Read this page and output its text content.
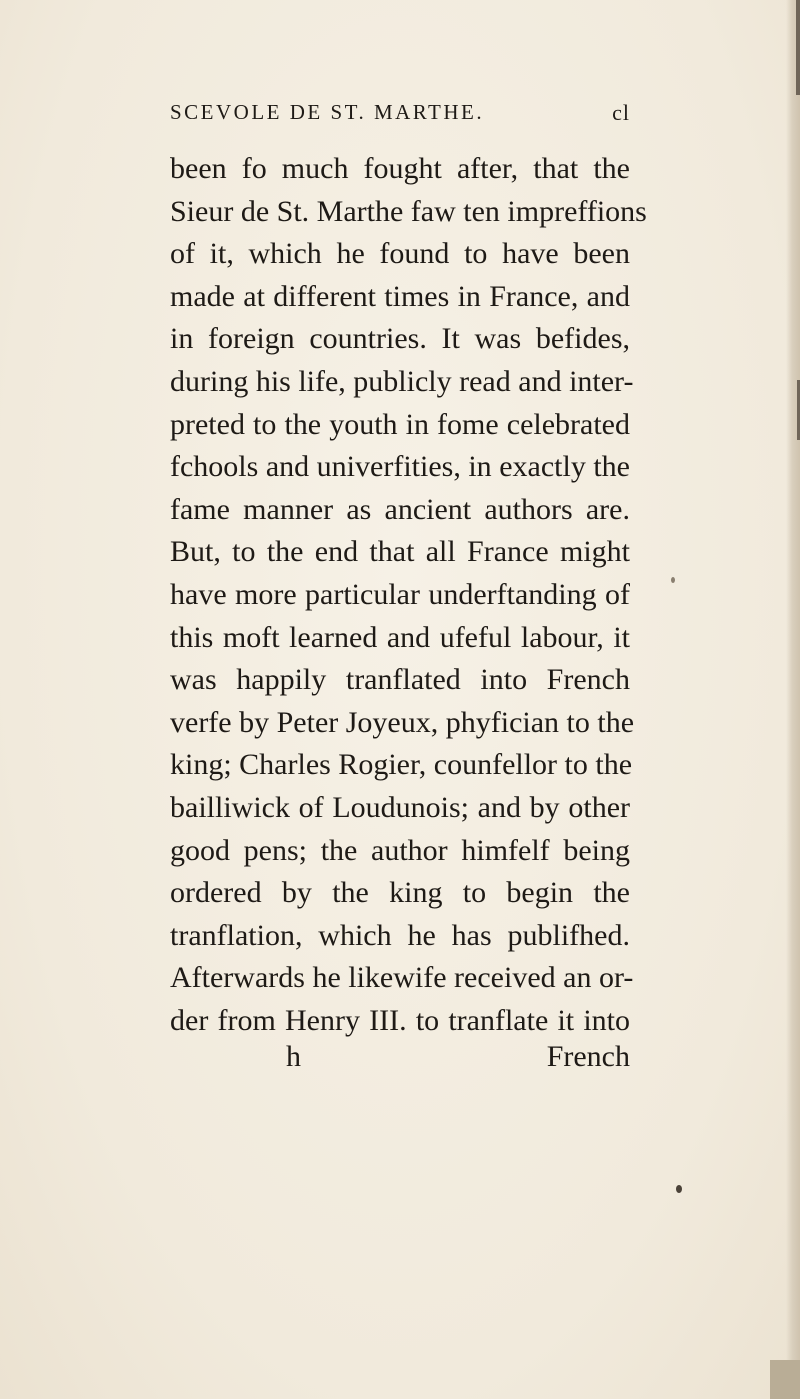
SCEVOLE DE ST. MARTHE.	cl
been fo much fought after, that the
Sieur de St. Marthe faw ten impreffions
of it, which he found to have been
made at different times in France, and
in foreign countries. It was befides,
during his life, publicly read and inter-
preted to the youth in fome celebrated
fchools and univerfities, in exactly the
fame manner as ancient authors are.
But, to the end that all France might
have more particular underftanding of
this moft learned and ufeful labour, it
was happily tranflated into French
verfe by Peter Joyeux, phyfician to the
king; Charles Rogier, counfellor to the
bailliwick of Loudunois; and by other
good pens; the author himfelf being
ordered by the king to begin the
tranflation, which he has publifhed.
Afterwards he likewife received an or-
der from Henry III. to tranflate it into
h	French
